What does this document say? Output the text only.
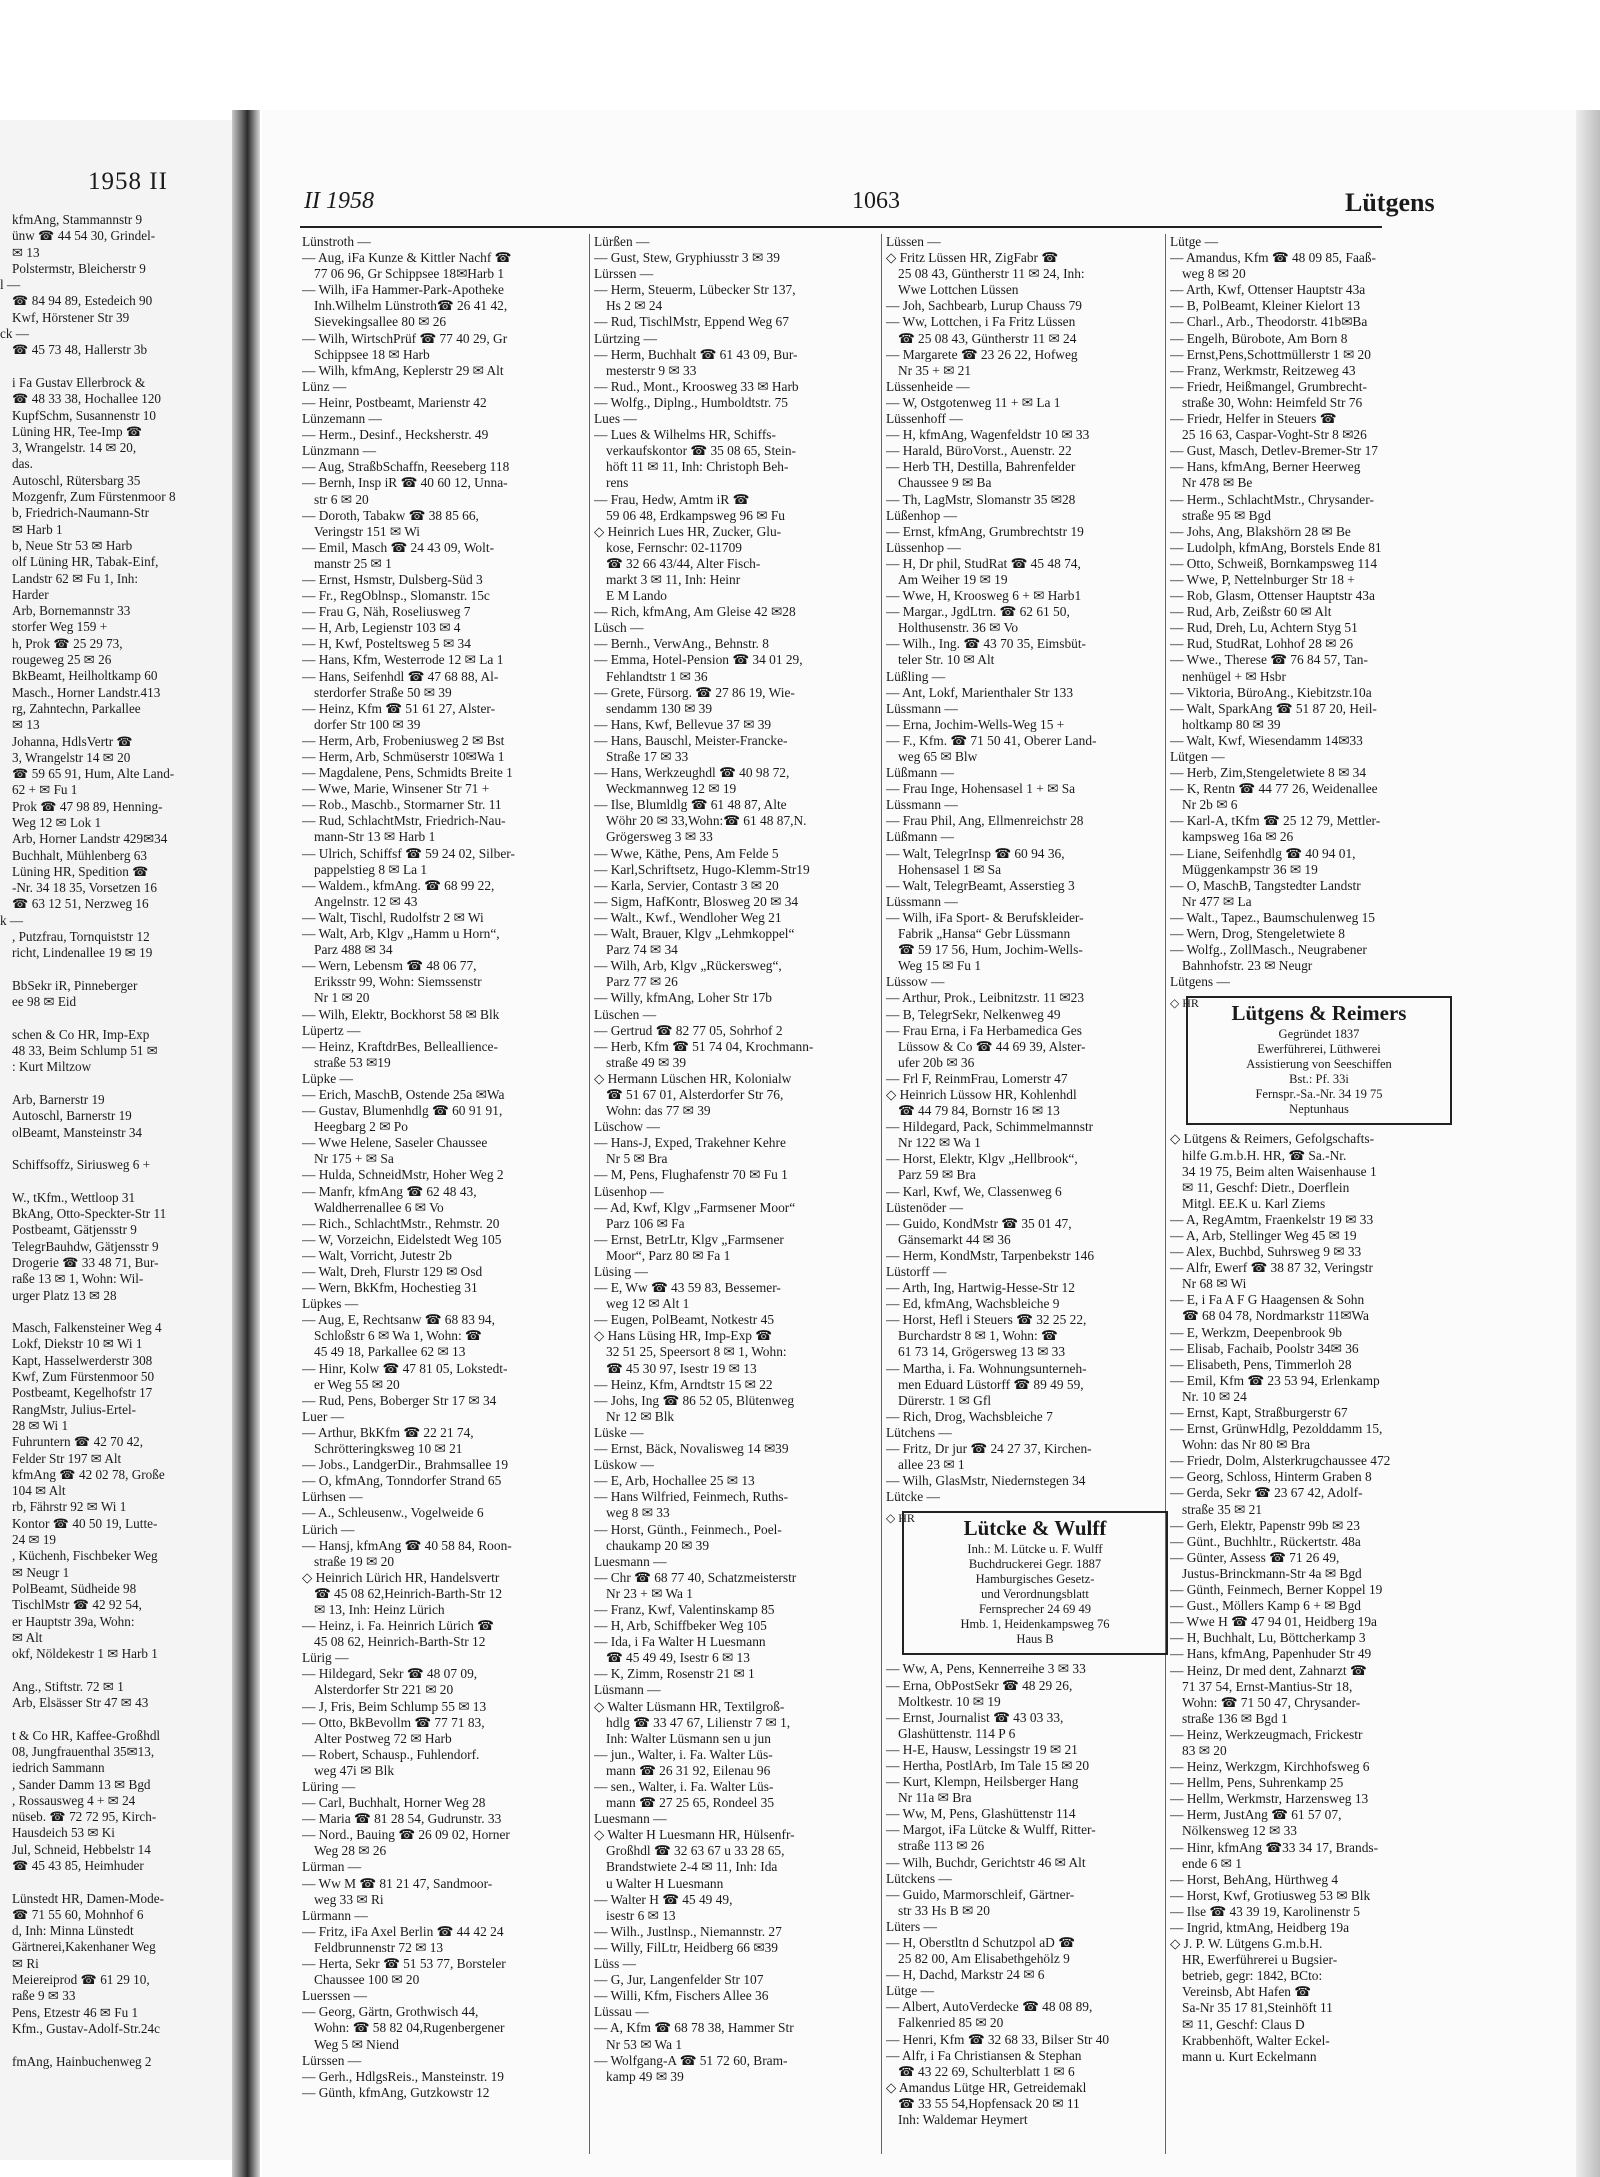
1958 II
kfmAng, Stammannstr 9
ünw ☎ 44 54 30, Grindel-
✉ 13
Polstermstr, Bleicherstr 9
l —
☎ 84 94 89, Estedeich 90
Kwf, Hörstener Str 39
ck —
☎ 45 73 48, Hallerstr 3b

i Fa Gustav Ellerbrock &
☎ 48 33 38, Hochallee 120
KupfSchm, Susannenstr 10
Lüning HR, Tee-Imp ☎
3, Wrangelstr. 14 ✉ 20,
das.
Autoschl, Rütersbarg 35
Mozgenfr, Zum Fürstenmoor 8
b, Friedrich-Naumann-Str
✉ Harb 1
b, Neue Str 53 ✉ Harb
olf Lüning HR, Tabak-Einf,
Landstr 62 ✉ Fu 1, Inh:
Harder
Arb, Bornemannstr 33
storfer Weg 159 +
h, Prok ☎ 25 29 73,
rougeweg 25 ✉ 26
BkBeamt, Heilholtkamp 60
Masch., Horner Landstr.413
rg, Zahntechn, Parkallee
✉ 13
Johanna, HdlsVertr ☎
3, Wrangelstr 14 ✉ 20
☎ 59 65 91, Hum, Alte Land-
62 + ✉ Fu 1
Prok ☎ 47 98 89, Henning-
Weg 12 ✉ Lok 1
Arb, Horner Landstr 429✉34
Buchhalt, Mühlenberg 63
Lüning HR, Spedition ☎
-Nr. 34 18 35, Vorsetzen 16
☎ 63 12 51, Nerzweg 16
k —
, Putzfrau, Tornquiststr 12
richt, Lindenallee 19 ✉ 19

BbSekr iR, Pinneberger
ee 98 ✉ Eid

schen & Co HR, Imp-Exp
48 33, Beim Schlump 51 ✉
: Kurt Miltzow

Arb, Barnerstr 19
Autoschl, Barnerstr 19
olBeamt, Mansteinstr 34

Schiffsoffz, Siriusweg 6 +

W., tKfm., Wettloop 31
BkAng, Otto-Speckter-Str 11
Postbeamt, Gätjensstr 9
TelegrBauhdw, Gätjensstr 9
Drogerie ☎ 33 48 71, Bur-
raße 13 ✉ 1, Wohn: Wil-
urger Platz 13 ✉ 28

Masch, Falkensteiner Weg 4
Lokf, Diekstr 10 ✉ Wi 1
Kapt, Hasselwerderstr 308
Kwf, Zum Fürstenmoor 50
Postbeamt, Kegelhofstr 17
RangMstr, Julius-Ertel-
28 ✉ Wi 1
Fuhruntern ☎ 42 70 42,
Felder Str 197 ✉ Alt
kfmAng ☎ 42 02 78, Große
104 ✉ Alt
rb, Fährstr 92 ✉ Wi 1
Kontor ☎ 40 50 19, Lutte-
24 ✉ 19
, Küchenh, Fischbeker Weg
✉ Neugr 1
PolBeamt, Südheide 98
TischlMstr ☎ 42 92 54,
er Hauptstr 39a, Wohn:
✉ Alt
okf, Nöldekestr 1 ✉ Harb 1

Ang., Stiftstr. 72 ✉ 1
Arb, Elsässer Str 47 ✉ 43

t & Co HR, Kaffee-Großhdl
08, Jungfrauenthal 35✉13,
iedrich Sammann
, Sander Damm 13 ✉ Bgd
, Rossausweg 4 + ✉ 24
nüseb. ☎ 72 72 95, Kirch-
Hausdeich 53 ✉ Ki
Jul, Schneid, Hebbelstr 14
☎ 45 43 85, Heimhuder

Lünstedt HR, Damen-Mode-
☎ 71 55 60, Mohnhof 6
d, Inh: Minna Lünstedt
Gärtnerei,Kakenhaner Weg
✉ Ri
Meiereiprod ☎ 61 29 10,
raße 9 ✉ 33
Pens, Etzestr 46 ✉ Fu 1
Kfm., Gustav-Adolf-Str.24c

fmAng, Hainbuchenweg 2
II 1958	1063	Lütgens
Lünstroth —
— Aug, iFa Kunze & Kittler Nachf ☎
77 06 96, Gr Schippsee 18✉Harb 1
— Wilh, iFa Hammer-Park-Apotheke
Inh.Wilhelm Lünstroth☎ 26 41 42,
Sievekingsallee 80 ✉ 26
— Wilh, WirtschPrüf ☎ 77 40 29, Gr
Schippsee 18 ✉ Harb
— Wilh, kfmAng, Keplerstr 29 ✉ Alt
Lünz —
— Heinr, Postbeamt, Marienstr 42
Lünzemann —
— Herm., Desinf., Hecksherstr. 49
Lünzmann —
— Aug, StraßbSchaffn, Reeseberg 118
— Bernh, Insp iR ☎ 40 60 12, Unna-
str 6 ✉ 20
— Doroth, Tabakw ☎ 38 85 66,
Veringstr 151 ✉ Wi
— Emil, Masch ☎ 24 43 09, Wolt-
manstr 25 ✉ 1
— Ernst, Hsmstr, Dulsberg-Süd 3
— Fr., RegOblnsp., Slomanstr. 15c
— Frau G, Näh, Roseliusweg 7
— H, Arb, Legienstr 103 ✉ 4
— H, Kwf, Posteltsweg 5 ✉ 34
— Hans, Kfm, Westerrode 12 ✉ La 1
— Hans, Seifenhdl ☎ 47 68 88, Al-
sterdorfer Straße 50 ✉ 39
— Heinz, Kfm ☎ 51 61 27, Alster-
dorfer Str 100 ✉ 39
— Herm, Arb, Frobeniusweg 2 ✉ Bst
— Herm, Arb, Schmüserstr 10✉Wa 1
— Magdalene, Pens, Schmidts Breite 1
— Wwe, Marie, Winsener Str 71 +
— Rob., Maschb., Stormarner Str. 11
— Rud, SchlachtMstr, Friedrich-Nau-
mann-Str 13 ✉ Harb 1
— Ulrich, Schiffsf ☎ 59 24 02, Silber-
pappelstieg 8 ✉ La 1
— Waldem., kfmAng. ☎ 68 99 22,
Angelnstr. 12 ✉ 43
— Walt, Tischl, Rudolfstr 2 ✉ Wi
— Walt, Arb, Klgv „Hamm u Horn“,
Parz 488 ✉ 34
— Wern, Lebensm ☎ 48 06 77,
Eriksstr 99, Wohn: Siemssenstr
Nr 1 ✉ 20
— Wilh, Elektr, Bockhorst 58 ✉ Blk
Lüpertz —
— Heinz, KraftdrBes, Belleallience-
straße 53 ✉19
Lüpke —
— Erich, MaschB, Ostende 25a ✉Wa
— Gustav, Blumenhdlg ☎ 60 91 91,
Heegbarg 2 ✉ Po
— Wwe Helene, Saseler Chaussee
Nr 175 + ✉ Sa
— Hulda, SchneidMstr, Hoher Weg 2
— Manfr, kfmAng ☎ 62 48 43,
Waldherrenallee 6 ✉ Vo
— Rich., SchlachtMstr., Rehmstr. 20
— W, Vorzeichn, Eidelstedt Weg 105
— Walt, Vorricht, Jutestr 2b
— Walt, Dreh, Flurstr 129 ✉ Osd
— Wern, BkKfm, Hochestieg 31
Lüpkes —
— Aug, E, Rechtsanw ☎ 68 83 94,
Schloßstr 6 ✉ Wa 1, Wohn: ☎
45 49 18, Parkallee 62 ✉ 13
— Hinr, Kolw ☎ 47 81 05, Lokstedt-
er Weg 55 ✉ 20
— Rud, Pens, Boberger Str 17 ✉ 34
Luer —
— Arthur, BkKfm ☎ 22 21 74,
Schrötteringksweg 10 ✉ 21
— Jobs., LandgerDir., Brahmsallee 19
— O, kfmAng, Tonndorfer Strand 65
Lürhsen —
— A., Schleusenw., Vogelweide 6
Lürich —
— Hansj, kfmAng ☎ 40 58 84, Roon-
straße 19 ✉ 20
◇ Heinrich Lürich HR, Handelsvertr
☎ 45 08 62,Heinrich-Barth-Str 12
✉ 13, Inh: Heinz Lürich
— Heinz, i. Fa. Heinrich Lürich ☎
45 08 62, Heinrich-Barth-Str 12
Lürig —
— Hildegard, Sekr ☎ 48 07 09,
Alsterdorfer Str 221 ✉ 20
— J, Fris, Beim Schlump 55 ✉ 13
— Otto, BkBevollm ☎ 77 71 83,
Alter Postweg 72 ✉ Harb
— Robert, Schausp., Fuhlendorf.
weg 47i ✉ Blk
Lüring —
— Carl, Buchhalt, Horner Weg 28
— Maria ☎ 81 28 54, Gudrunstr. 33
— Nord., Bauing ☎ 26 09 02, Horner
Weg 28 ✉ 26
Lürman —
— Ww M ☎ 81 21 47, Sandmoor-
weg 33 ✉ Ri
Lürmann —
— Fritz, iFa Axel Berlin ☎ 44 42 24
Feldbrunnenstr 72 ✉ 13
— Herta, Sekr ☎ 51 53 77, Borsteler
Chaussee 100 ✉ 20
Luerssen —
— Georg, Gärtn, Grothwisch 44,
Wohn: ☎ 58 82 04,Rugenbergener
Weg 5 ✉ Niend
Lürssen —
— Gerh., HdlgsReis., Mansteinstr. 19
— Günth, kfmAng, Gutzkowstr 12
Lürßen —
— Gust, Stew, Gryphiusstr 3 ✉ 39
Lürssen —
— Herm, Steuerm, Lübecker Str 137,
Hs 2 ✉ 24
— Rud, TischlMstr, Eppend Weg 67
Lürtzing —
— Herm, Buchhalt ☎ 61 43 09, Bur-
mesterstr 9 ✉ 33
— Rud., Mont., Kroosweg 33 ✉ Harb
— Wolfg., Diplng., Humboldtstr. 75
Lues —
— Lues & Wilhelms HR, Schiffs-
verkaufskontor ☎ 35 08 65, Stein-
höft 11 ✉ 11, Inh: Christoph Beh-
rens
— Frau, Hedw, Amtm iR ☎
59 06 48, Erdkampsweg 96 ✉ Fu
◇ Heinrich Lues HR, Zucker, Glu-
kose, Fernschr: 02-11709
☎ 32 66 43/44, Alter Fisch-
markt 3 ✉ 11, Inh: Heinr
E M Lando
— Rich, kfmAng, Am Gleise 42 ✉28
Lüsch —
— Bernh., VerwAng., Behnstr. 8
— Emma, Hotel-Pension ☎ 34 01 29,
Fehlandtstr 1 ✉ 36
— Grete, Fürsorg. ☎ 27 86 19, Wie-
sendamm 130 ✉ 39
— Hans, Kwf, Bellevue 37 ✉ 39
— Hans, Bauschl, Meister-Francke-
Straße 17 ✉ 33
— Hans, Werkzeughdl ☎ 40 98 72,
Weckmannweg 12 ✉ 19
— Ilse, Blumldlg ☎ 61 48 87, Alte
Wöhr 20 ✉ 33,Wohn:☎ 61 48 87,N.
Grögersweg 3 ✉ 33
— Wwe, Käthe, Pens, Am Felde 5
— Karl,Schriftsetz, Hugo-Klemm-Str19
— Karla, Servier, Contastr 3 ✉ 20
— Sigm, HafKontr, Blosweg 20 ✉ 34
— Walt., Kwf., Wendloher Weg 21
— Walt, Brauer, Klgv „Lehmkoppel“
Parz 74 ✉ 34
— Wilh, Arb, Klgv „Rückersweg“,
Parz 77 ✉ 26
— Willy, kfmAng, Loher Str 17b
Lüschen —
— Gertrud ☎ 82 77 05, Sohrhof 2
— Herb, Kfm ☎ 51 74 04, Krochmann-
straße 49 ✉ 39
◇ Hermann Lüschen HR, Kolonialw
☎ 51 67 01, Alsterdorfer Str 76,
Wohn: das 77 ✉ 39
Lüschow —
— Hans-J, Exped, Trakehner Kehre
Nr 5 ✉ Bra
— M, Pens, Flughafenstr 70 ✉ Fu 1
Lüsenhop —
— Ad, Kwf, Klgv „Farmsener Moor“
Parz 106 ✉ Fa
— Ernst, BetrLtr, Klgv „Farmsener
Moor“, Parz 80 ✉ Fa 1
Lüsing —
— E, Ww ☎ 43 59 83, Bessemer-
weg 12 ✉ Alt 1
— Eugen, PolBeamt, Notkestr 45
◇ Hans Lüsing HR, Imp-Exp ☎
32 51 25, Speersort 8 ✉ 1, Wohn:
☎ 45 30 97, Isestr 19 ✉ 13
— Heinz, Kfm, Arndtstr 15 ✉ 22
— Johs, Ing ☎ 86 52 05, Blütenweg
Nr 12 ✉ Blk
Lüske —
— Ernst, Bäck, Novalisweg 14 ✉39
Lüskow —
— E, Arb, Hochallee 25 ✉ 13
— Hans Wilfried, Feinmech, Ruths-
weg 8 ✉ 33
— Horst, Günth., Feinmech., Poel-
chaukamp 20 ✉ 39
Luesmann —
— Chr ☎ 68 77 40, Schatzmeisterstr
Nr 23 + ✉ Wa 1
— Franz, Kwf, Valentinskamp 85
— H, Arb, Schiffbeker Weg 105
— Ida, i Fa Walter H Luesmann
☎ 45 49 49, Isestr 6 ✉ 13
— K, Zimm, Rosenstr 21 ✉ 1
Lüsmann —
◇ Walter Lüsmann HR, Textilgroß-
hdlg ☎ 33 47 67, Lilienstr 7 ✉ 1,
Inh: Walter Lüsmann sen u jun
— jun., Walter, i. Fa. Walter Lüs-
mann ☎ 26 31 92, Eilenau 96
— sen., Walter, i. Fa. Walter Lüs-
mann ☎ 27 25 65, Rondeel 35
Luesmann —
◇ Walter H Luesmann HR, Hülsenfr-
Großhdl ☎ 32 63 67 u 33 28 65,
Brandstwiete 2-4 ✉ 11, Inh: Ida
u Walter H Luesmann
— Walter H ☎ 45 49 49,
isestr 6 ✉ 13
— Wilh., Justlnsp., Niemannstr. 27
— Willy, FilLtr, Heidberg 66 ✉39
Lüss —
— G, Jur, Langenfelder Str 107
— Willi, Kfm, Fischers Allee 36
Lüssau —
— A, Kfm ☎ 68 78 38, Hammer Str
Nr 53 ✉ Wa 1
— Wolfgang-A ☎ 51 72 60, Bram-
kamp 49 ✉ 39
Lüssen —
◇ Fritz Lüssen HR, ZigFabr ☎
25 08 43, Güntherstr 11 ✉ 24, Inh:
Wwe Lottchen Lüssen
— Joh, Sachbearb, Lurup Chauss 79
— Ww, Lottchen, i Fa Fritz Lüssen
☎ 25 08 43, Güntherstr 11 ✉ 24
— Margarete ☎ 23 26 22, Hofweg
Nr 35 + ✉ 21
Lüssenheide —
— W, Ostgotenweg 11 + ✉ La 1
Lüssenhoff —
— H, kfmAng, Wagenfeldstr 10 ✉ 33
— Harald, BüroVorst., Auenstr. 22
— Herb TH, Destilla, Bahrenfelder
Chaussee 9 ✉ Ba
— Th, LagMstr, Slomanstr 35 ✉28
Lüßenhop —
— Ernst, kfmAng, Grumbrechtstr 19
Lüssenhop —
— H, Dr phil, StudRat ☎ 45 48 74,
Am Weiher 19 ✉ 19
— Wwe, H, Kroosweg 6 + ✉ Harb1
— Margar., JgdLtrn. ☎ 62 61 50,
Holthusenstr. 36 ✉ Vo
— Wilh., Ing. ☎ 43 70 35, Eimsbüt-
teler Str. 10 ✉ Alt
Lüßling —
— Ant, Lokf, Marienthaler Str 133
Lüssmann —
— Erna, Jochim-Wells-Weg 15 +
— F., Kfm. ☎ 71 50 41, Oberer Land-
weg 65 ✉ Blw
Lüßmann —
— Frau Inge, Hohensasel 1 + ✉ Sa
Lüssmann —
— Frau Phil, Ang, Ellmenreichstr 28
Lüßmann —
— Walt, TelegrInsp ☎ 60 94 36,
Hohensasel 1 ✉ Sa
— Walt, TelegrBeamt, Asserstieg 3
Lüssmann —
— Wilh, iFa Sport- & Berufskleider-
Fabrik „Hansa“ Gebr Lüssmann
☎ 59 17 56, Hum, Jochim-Wells-
Weg 15 ✉ Fu 1
Lüssow —
— Arthur, Prok., Leibnitzstr. 11 ✉23
— B, TelegrSekr, Nelkenweg 49
— Frau Erna, i Fa Herbamedica Ges
Lüssow & Co ☎ 44 69 39, Alster-
ufer 20b ✉ 36
— Frl F, ReinmFrau, Lomerstr 47
◇ Heinrich Lüssow HR, Kohlenhdl
☎ 44 79 84, Bornstr 16 ✉ 13
— Hildegard, Pack, Schimmelmannstr
Nr 122 ✉ Wa 1
— Horst, Elektr, Klgv „Hellbrook“,
Parz 59 ✉ Bra
— Karl, Kwf, We, Classenweg 6
Lüstenöder —
— Guido, KondMstr ☎ 35 01 47,
Gänsemarkt 44 ✉ 36
— Herm, KondMstr, Tarpenbekstr 146
Lüstorff —
— Arth, Ing, Hartwig-Hesse-Str 12
— Ed, kfmAng, Wachsbleiche 9
— Horst, Hefl i Steuers ☎ 32 25 22,
Burchardstr 8 ✉ 1, Wohn: ☎
61 73 14, Grögersweg 13 ✉ 33
— Martha, i. Fa. Wohnungsunterneh-
men Eduard Lüstorff ☎ 89 49 59,
Dürerstr. 1 ✉ Gfl
— Rich, Drog, Wachsbleiche 7
Lütchens —
— Fritz, Dr jur ☎ 24 27 37, Kirchen-
allee 23 ✉ 1
— Wilh, GlasMstr, Niedernstegen 34
Lütcke —
◇ HR	Lütcke & Wulff
Inh.: M. Lütcke u. F. Wulff
Buchdruckerei Gegr. 1887
Hamburgisches Gesetz-
und Verordnungsblatt
Fernsprecher 24 69 49
Hmb. 1, Heidenkampsweg 76
Haus B
— Ww, A, Pens, Kennerreihe 3 ✉ 33
— Erna, ObPostSekr ☎ 48 29 26,
Moltkestr. 10 ✉ 19
— Ernst, Journalist ☎ 43 03 33,
Glashüttenstr. 114 P 6
— H-E, Hausw, Lessingstr 19 ✉ 21
— Hertha, PostlArb, Im Tale 15 ✉ 20
— Kurt, Klempn, Heilsberger Hang
Nr 11a ✉ Bra
— Ww, M, Pens, Glashüttenstr 114
— Margot, iFa Lütcke & Wulff, Ritter-
straße 113 ✉ 26
— Wilh, Buchdr, Gerichtstr 46 ✉ Alt
Lütckens —
— Guido, Marmorschleif, Gärtner-
str 33 Hs B ✉ 20
Lüters —
— H, Oberstltn d Schutzpol aD ☎
25 82 00, Am Elisabethgehölz 9
— H, Dachd, Markstr 24 ✉ 6
Lütge —
— Albert, AutoVerdecke ☎ 48 08 89,
Falkenried 85 ✉ 20
— Henri, Kfm ☎ 32 68 33, Bilser Str 40
— Alfr, i Fa Christiansen & Stephan
☎ 43 22 69, Schulterblatt 1 ✉ 6
◇ Amandus Lütge HR, Getreidemakl
☎ 33 55 54,Hopfensack 20 ✉ 11
Inh: Waldemar Heymert
Lütge —
— Amandus, Kfm ☎ 48 09 85, Faaß-
weg 8 ✉ 20
— Arth, Kwf, Ottenser Hauptstr 43a
— B, PolBeamt, Kleiner Kielort 13
— Charl., Arb., Theodorstr. 41b✉Ba
— Engelh, Bürobote, Am Born 8
— Ernst,Pens,Schottmüllerstr 1 ✉ 20
— Franz, Werkmstr, Reitzeweg 43
— Friedr, Heißmangel, Grumbrecht-
straße 30, Wohn: Heimfeld Str 76
— Friedr, Helfer in Steuers ☎
25 16 63, Caspar-Voght-Str 8 ✉26
— Gust, Masch, Detlev-Bremer-Str 17
— Hans, kfmAng, Berner Heerweg
Nr 478 ✉ Be
— Herm., SchlachtMstr., Chrysander-
straße 95 ✉ Bgd
— Johs, Ang, Blakshörn 28 ✉ Be
— Ludolph, kfmAng, Borstels Ende 81
— Otto, Schweiß, Bornkampsweg 114
— Wwe, P, Nettelnburger Str 18 +
— Rob, Glasm, Ottenser Hauptstr 43a
— Rud, Arb, Zeißstr 60 ✉ Alt
— Rud, Dreh, Lu, Achtern Styg 51
— Rud, StudRat, Lohhof 28 ✉ 26
— Wwe., Therese ☎ 76 84 57, Tan-
nenhügel + ✉ Hsbr
— Viktoria, BüroAng., Kiebitzstr.10a
— Walt, SparkAng ☎ 51 87 20, Heil-
holtkamp 80 ✉ 39
— Walt, Kwf, Wiesendamm 14✉33
Lütgen —
— Herb, Zim,Stengeletwiete 8 ✉ 34
— K, Rentn ☎ 44 77 26, Weidenallee
Nr 2b ✉ 6
— Karl-A, tKfm ☎ 25 12 79, Mettler-
kampsweg 16a ✉ 26
— Liane, Seifenhdlg ☎ 40 94 01,
Müggenkampstr 36 ✉ 19
— O, MaschB, Tangstedter Landstr
Nr 477 ✉ La
— Walt., Tapez., Baumschulenweg 15
— Wern, Drog, Stengeletwiete 8
— Wolfg., ZollMasch., Neugrabener
Bahnhofstr. 23 ✉ Neugr
Lütgens —
◇ HR	Lütgens & Reimers
Gegründet 1837
Ewerführerei, Lüthwerei
Assistierung von Seeschiffen
Bst.: Pf. 33i
Fernspr.-Sa.-Nr. 34 19 75
Neptunhaus
◇ Lütgens & Reimers, Gefolgschafts-
hilfe G.m.b.H. HR, ☎ Sa.-Nr.
34 19 75, Beim alten Waisenhause 1
✉ 11, Geschf: Dietr., Doerflein
Mitgl. EE.K u. Karl Ziems
— A, RegAmtm, Fraenkelstr 19 ✉ 33
— A, Arb, Stellinger Weg 45 ✉ 19
— Alex, Buchbd, Suhrsweg 9 ✉ 33
— Alfr, Ewerf ☎ 38 87 32, Veringstr
Nr 68 ✉ Wi
— E, i Fa A F G Haagensen & Sohn
☎ 68 04 78, Nordmarkstr 11✉Wa
— E, Werkzm, Deepenbrook 9b
— Elisab, Fachaib, Poolstr 34✉ 36
— Elisabeth, Pens, Timmerloh 28
— Emil, Kfm ☎ 23 53 94, Erlenkamp
Nr. 10 ✉ 24
— Ernst, Kapt, Straßburgerstr 67
— Ernst, GrünwHdlg, Pezolddamm 15,
Wohn: das Nr 80 ✉ Bra
— Friedr, Dolm, Alsterkrugchaussee 472
— Georg, Schloss, Hinterm Graben 8
— Gerda, Sekr ☎ 23 67 42, Adolf-
straße 35 ✉ 21
— Gerh, Elektr, Papenstr 99b ✉ 23
— Günt., Buchhltr., Rückertstr. 48a
— Günter, Assess ☎ 71 26 49,
Justus-Brinckmann-Str 4a ✉ Bgd
— Günth, Feinmech, Berner Koppel 19
— Gust., Möllers Kamp 6 + ✉ Bgd
— Wwe H ☎ 47 94 01, Heidberg 19a
— H, Buchhalt, Lu, Böttcherkamp 3
— Hans, kfmAng, Papenhuder Str 49
— Heinz, Dr med dent, Zahnarzt ☎
71 37 54, Ernst-Mantius-Str 18,
Wohn: ☎ 71 50 47, Chrysander-
straße 136 ✉ Bgd 1
— Heinz, Werkzeugmach, Frickestr
83 ✉ 20
— Heinz, Werkzgm, Kirchhofsweg 6
— Hellm, Pens, Suhrenkamp 25
— Hellm, Werkmstr, Harzensweg 13
— Herm, JustAng ☎ 61 57 07,
Nölkensweg 12 ✉ 33
— Hinr, kfmAng ☎33 34 17, Brands-
ende 6 ✉ 1
— Horst, BehAng, Hürthweg 4
— Horst, Kwf, Grotiusweg 53 ✉ Blk
— Ilse ☎ 43 39 19, Karolinenstr 5
— Ingrid, ktmAng, Heidberg 19a
◇ J. P. W. Lütgens G.m.b.H.
HR, Ewerführerei u Bugsier-
betrieb, gegr: 1842, BCto:
Vereinsb, Abt Hafen ☎
Sa-Nr 35 17 81,Steinhöft 11
✉ 11, Geschf: Claus D
Krabbenhöft, Walter Eckel-
mann u. Kurt Eckelmann
